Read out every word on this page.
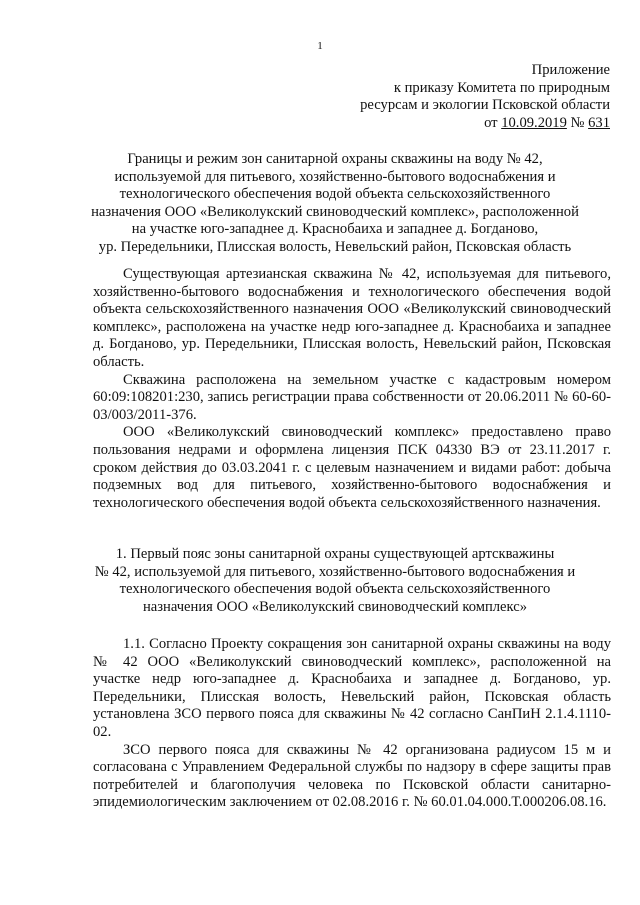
1
Приложение
к приказу Комитета по природным
ресурсам и экологии Псковской области
от 10.09.2019 № 631
Границы и режим зон санитарной охраны скважины на воду № 42,
используемой для питьевого, хозяйственно-бытового водоснабжения и
технологического обеспечения водой объекта сельскохозяйственного
назначения ООО «Великолукский свиноводческий комплекс», расположенной
на участке юго-западнее д. Краснобаиха и западнее д. Богданово,
ур. Передельники, Плисская волость, Невельский район, Псковская область

Существующая артезианская скважина № 42, используемая для питьевого, хозяйственно-бытового водоснабжения и технологического обеспечения водой объекта сельскохозяйственного назначения ООО «Великолукский свиноводческий комплекс», расположена на участке недр юго-западнее д. Краснобаиха и западнее д. Богданово, ур. Передельники, Плисская волость, Невельский район, Псковская область.

Скважина расположена на земельном участке с кадастровым номером 60:09:108201:230, запись регистрации права собственности от 20.06.2011 № 60-60-03/003/2011-376.

ООО «Великолукский свиноводческий комплекс» предоставлено право пользования недрами и оформлена лицензия ПСК 04330 ВЭ от 23.11.2017 г. сроком действия до 03.03.2041 г. с целевым назначением и видами работ: добыча подземных вод для питьевого, хозяйственно-бытового водоснабжения и технологического обеспечения водой объекта сельскохозяйственного назначения.

1. Первый пояс зоны санитарной охраны существующей артскважины
№ 42, используемой для питьевого, хозяйственно-бытового водоснабжения и
технологического обеспечения водой объекта сельскохозяйственного
назначения ООО «Великолукский свиноводческий комплекс»

1.1. Согласно Проекту сокращения зон санитарной охраны скважины на воду № 42 ООО «Великолукский свиноводческий комплекс», расположенной на участке недр юго-западнее д. Краснобаиха и западнее д. Богданово, ур. Передельники, Плисская волость, Невельский район, Псковская область установлена ЗСО первого пояса для скважины № 42 согласно СанПиН 2.1.4.1110-02.

ЗСО первого пояса для скважины № 42 организована радиусом 15 м и согласована с Управлением Федеральной службы по надзору в сфере защиты прав потребителей и благополучия человека по Псковской области санитарно-эпидемиологическим заключением от 02.08.2016 г. № 60.01.04.000.Т.000206.08.16.
